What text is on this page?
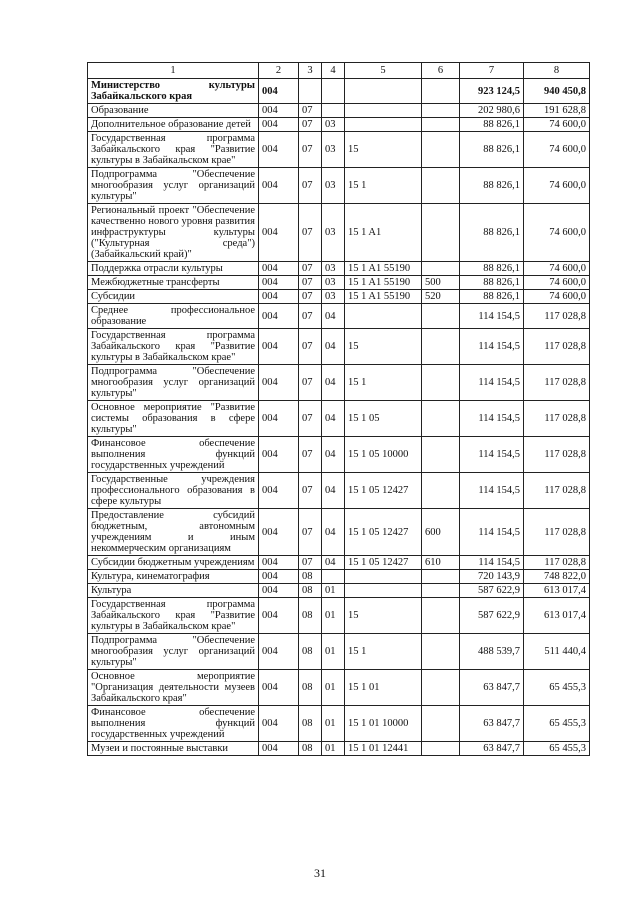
1	2	3	4	5	6	7	8
Министерство культуры Забайкальского края	004					923 124,5	940 450,8
Образование	004	07				202 980,6	191 628,8
Дополнительное образование детей	004	07	03			88 826,1	74 600,0
Государственная программа Забайкальского края "Развитие культуры в Забайкальском крае"	004	07	03	15		88 826,1	74 600,0
Подпрограмма "Обеспечение многообразия услуг организаций культуры"	004	07	03	15 1		88 826,1	74 600,0
Региональный проект "Обеспечение качественно нового уровня развития инфраструктуры культуры ("Культурная среда") (Забайкальский край)"	004	07	03	15 1 A1		88 826,1	74 600,0
Поддержка отрасли культуры	004	07	03	15 1 A1 55190		88 826,1	74 600,0
Межбюджетные трансферты	004	07	03	15 1 A1 55190	500	88 826,1	74 600,0
Субсидии	004	07	03	15 1 A1 55190	520	88 826,1	74 600,0
Среднее профессиональное образование	004	07	04			114 154,5	117 028,8
Государственная программа Забайкальского края "Развитие культуры в Забайкальском крае"	004	07	04	15		114 154,5	117 028,8
Подпрограмма "Обеспечение многообразия услуг организаций культуры"	004	07	04	15 1		114 154,5	117 028,8
Основное мероприятие "Развитие системы образования в сфере культуры"	004	07	04	15 1 05		114 154,5	117 028,8
Финансовое обеспечение выполнения функций государственных учреждений	004	07	04	15 1 05 10000		114 154,5	117 028,8
Государственные учреждения профессионального образования в сфере культуры	004	07	04	15 1 05 12427		114 154,5	117 028,8
Предоставление субсидий бюджетным, автономным учреждениям и иным некоммерческим организациям	004	07	04	15 1 05 12427	600	114 154,5	117 028,8
Субсидии бюджетным учреждениям	004	07	04	15 1 05 12427	610	114 154,5	117 028,8
Культура, кинематография	004	08				720 143,9	748 822,0
Культура	004	08	01			587 622,9	613 017,4
Государственная программа Забайкальского края "Развитие культуры в Забайкальском крае"	004	08	01	15		587 622,9	613 017,4
Подпрограмма "Обеспечение многообразия услуг организаций культуры"	004	08	01	15 1		488 539,7	511 440,4
Основное мероприятие "Организация деятельности музеев Забайкальского края"	004	08	01	15 1 01		63 847,7	65 455,3
Финансовое обеспечение выполнения функций государственных учреждений	004	08	01	15 1 01 10000		63 847,7	65 455,3
Музеи и постоянные выставки	004	08	01	15 1 01 12441		63 847,7	65 455,3
31
